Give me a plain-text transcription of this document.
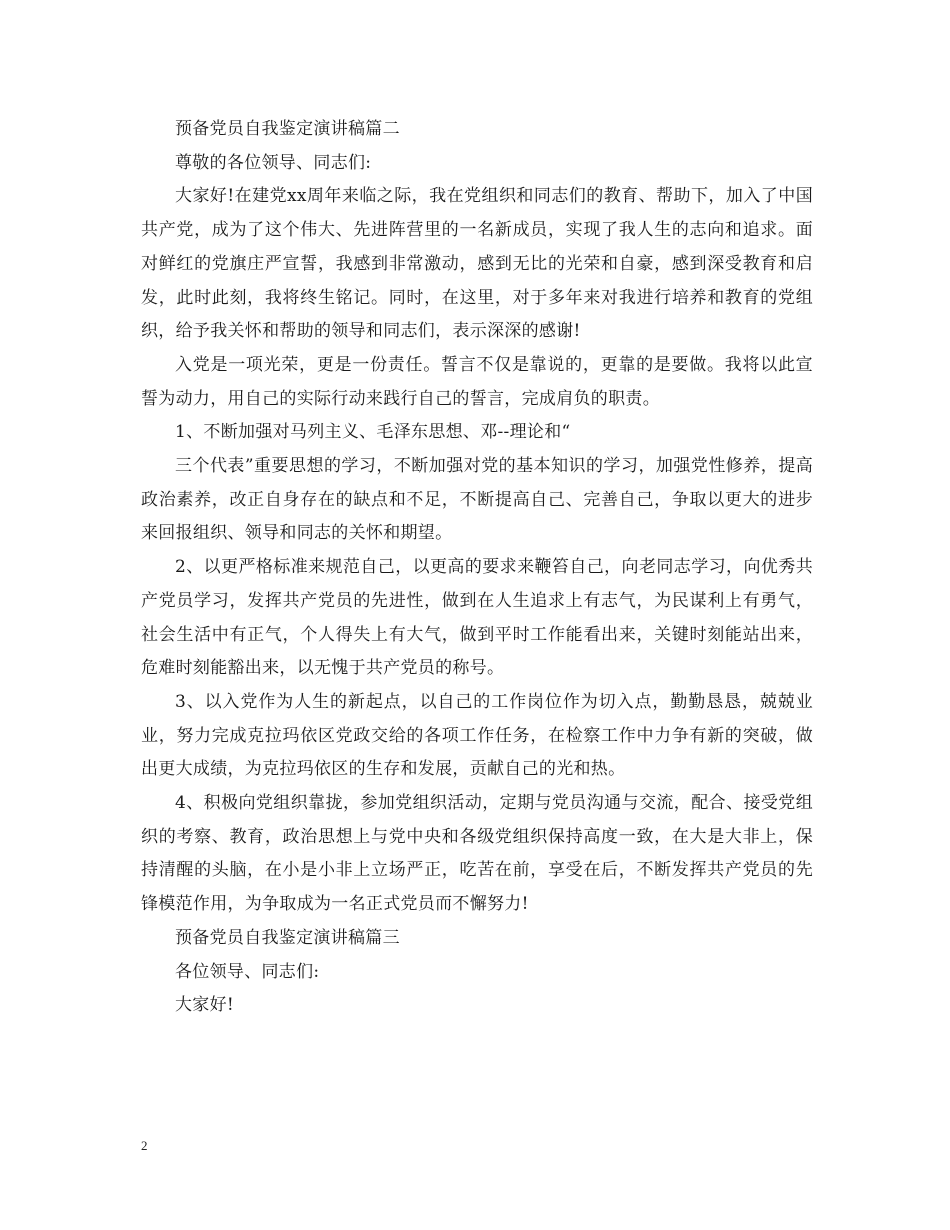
预备党员自我鉴定演讲稿篇二

尊敬的各位领导、同志们:

大家好!在建党xx周年来临之际，我在党组织和同志们的教育、帮助下，加入了中国共产党，成为了这个伟大、先进阵营里的一名新成员，实现了我人生的志向和追求。面对鲜红的党旗庄严宣誓，我感到非常激动，感到无比的光荣和自豪，感到深受教育和启发，此时此刻，我将终生铭记。同时，在这里，对于多年来对我进行培养和教育的党组织，给予我关怀和帮助的领导和同志们，表示深深的感谢!

入党是一项光荣，更是一份责任。誓言不仅是靠说的，更靠的是要做。我将以此宣誓为动力，用自己的实际行动来践行自己的誓言，完成肩负的职责。

1、不断加强对马列主义、毛泽东思想、邓--理论和“

三个代表”重要思想的学习，不断加强对党的基本知识的学习，加强党性修养，提高政治素养，改正自身存在的缺点和不足，不断提高自己、完善自己，争取以更大的进步来回报组织、领导和同志的关怀和期望。

2、以更严格标准来规范自己，以更高的要求来鞭笞自己，向老同志学习，向优秀共产党员学习，发挥共产党员的先进性，做到在人生追求上有志气，为民谋利上有勇气，社会生活中有正气，个人得失上有大气，做到平时工作能看出来，关键时刻能站出来，危难时刻能豁出来，以无愧于共产党员的称号。

3、以入党作为人生的新起点，以自己的工作岗位作为切入点，勤勤恳恳，兢兢业业，努力完成克拉玛依区党政交给的各项工作任务，在检察工作中力争有新的突破，做出更大成绩，为克拉玛依区的生存和发展，贡献自己的光和热。

4、积极向党组织靠拢，参加党组织活动，定期与党员沟通与交流，配合、接受党组织的考察、教育，政治思想上与党中央和各级党组织保持高度一致，在大是大非上，保持清醒的头脑，在小是小非上立场严正，吃苦在前，享受在后，不断发挥共产党员的先锋模范作用，为争取成为一名正式党员而不懈努力!

预备党员自我鉴定演讲稿篇三

各位领导、同志们:

大家好!

2
